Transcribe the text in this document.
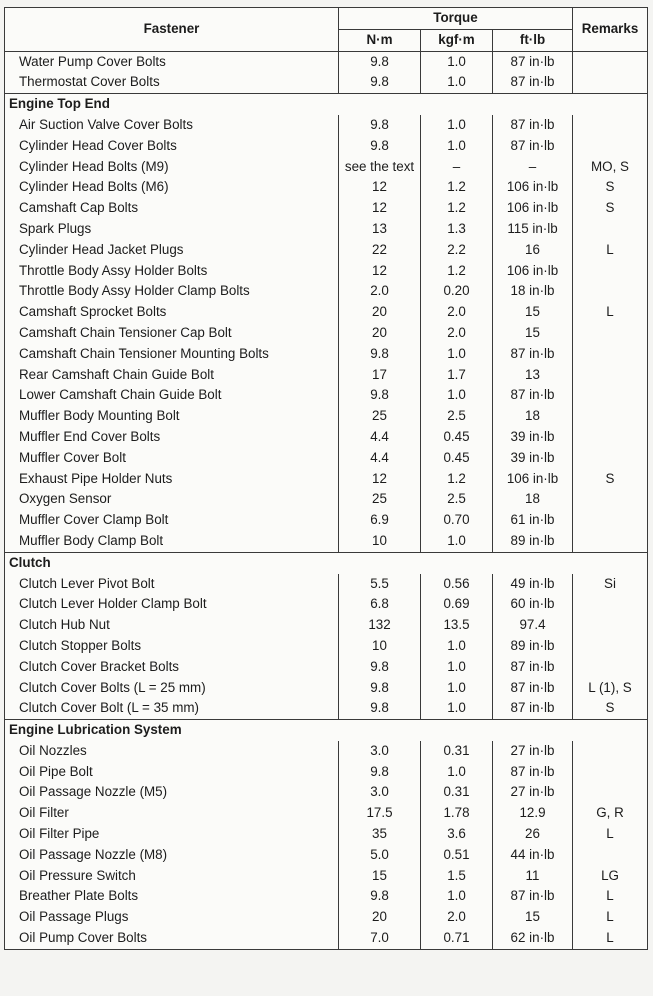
Fastener	Torque			Remarks
	N·m	kgf·m	ft·lb	
Water Pump Cover Bolts	9.8	1.0	87 in·lb	
Thermostat Cover Bolts	9.8	1.0	87 in·lb	
Engine Top End				
Air Suction Valve Cover Bolts	9.8	1.0	87 in·lb	
Cylinder Head Cover Bolts	9.8	1.0	87 in·lb	
Cylinder Head Bolts (M9)	see the text	–	–	MO, S
Cylinder Head Bolts (M6)	12	1.2	106 in·lb	S
Camshaft Cap Bolts	12	1.2	106 in·lb	S
Spark Plugs	13	1.3	115 in·lb	
Cylinder Head Jacket Plugs	22	2.2	16	L
Throttle Body Assy Holder Bolts	12	1.2	106 in·lb	
Throttle Body Assy Holder Clamp Bolts	2.0	0.20	18 in·lb	
Camshaft Sprocket Bolts	20	2.0	15	L
Camshaft Chain Tensioner Cap Bolt	20	2.0	15	
Camshaft Chain Tensioner Mounting Bolts	9.8	1.0	87 in·lb	
Rear Camshaft Chain Guide Bolt	17	1.7	13	
Lower Camshaft Chain Guide Bolt	9.8	1.0	87 in·lb	
Muffler Body Mounting Bolt	25	2.5	18	
Muffler End Cover Bolts	4.4	0.45	39 in·lb	
Muffler Cover Bolt	4.4	0.45	39 in·lb	
Exhaust Pipe Holder Nuts	12	1.2	106 in·lb	S
Oxygen Sensor	25	2.5	18	
Muffler Cover Clamp Bolt	6.9	0.70	61 in·lb	
Muffler Body Clamp Bolt	10	1.0	89 in·lb	
Clutch				
Clutch Lever Pivot Bolt	5.5	0.56	49 in·lb	Si
Clutch Lever Holder Clamp Bolt	6.8	0.69	60 in·lb	
Clutch Hub Nut	132	13.5	97.4	
Clutch Stopper Bolts	10	1.0	89 in·lb	
Clutch Cover Bracket Bolts	9.8	1.0	87 in·lb	
Clutch Cover Bolts (L = 25 mm)	9.8	1.0	87 in·lb	L (1), S
Clutch Cover Bolt (L = 35 mm)	9.8	1.0	87 in·lb	S
Engine Lubrication System				
Oil Nozzles	3.0	0.31	27 in·lb	
Oil Pipe Bolt	9.8	1.0	87 in·lb	
Oil Passage Nozzle (M5)	3.0	0.31	27 in·lb	
Oil Filter	17.5	1.78	12.9	G, R
Oil Filter Pipe	35	3.6	26	L
Oil Passage Nozzle (M8)	5.0	0.51	44 in·lb	
Oil Pressure Switch	15	1.5	11	LG
Breather Plate Bolts	9.8	1.0	87 in·lb	L
Oil Passage Plugs	20	2.0	15	L
Oil Pump Cover Bolts	7.0	0.71	62 in·lb	L
